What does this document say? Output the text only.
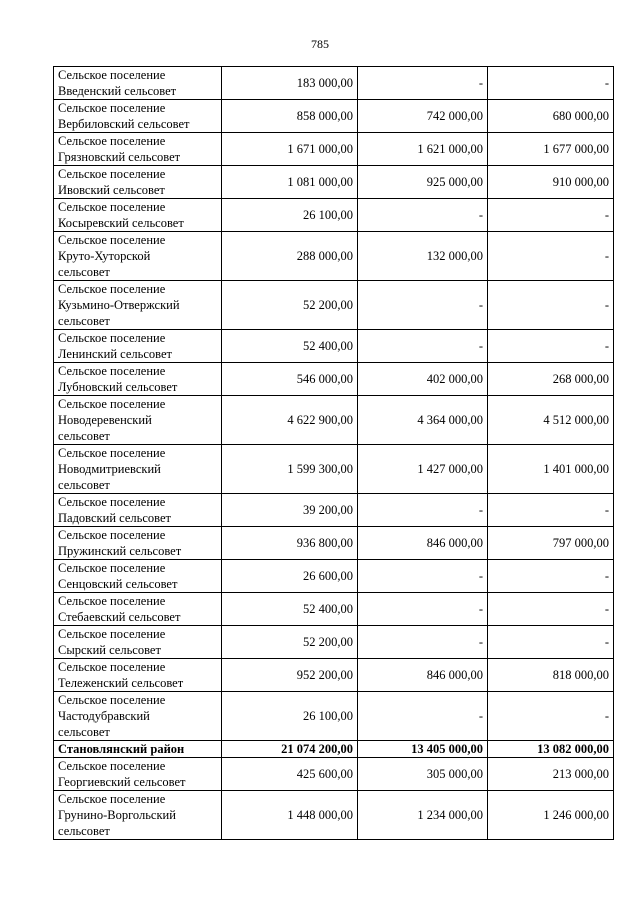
785
Сельское поселение
Введенский сельсовет	183 000,00	-	-
Сельское поселение
Вербиловский сельсовет	858 000,00	742 000,00	680 000,00
Сельское поселение
Грязновский сельсовет	1 671 000,00	1 621 000,00	1 677 000,00
Сельское поселение
Ивовский сельсовет	1 081 000,00	925 000,00	910 000,00
Сельское поселение
Косыревский сельсовет	26 100,00	-	-
Сельское поселение
Круто-Хуторской
сельсовет	288 000,00	132 000,00	-
Сельское поселение
Кузьмино-Отвержский
сельсовет	52 200,00	-	-
Сельское поселение
Ленинский сельсовет	52 400,00	-	-
Сельское поселение
Лубновский сельсовет	546 000,00	402 000,00	268 000,00
Сельское поселение
Новодеревенский
сельсовет	4 622 900,00	4 364 000,00	4 512 000,00
Сельское поселение
Новодмитриевский
сельсовет	1 599 300,00	1 427 000,00	1 401 000,00
Сельское поселение
Падовский сельсовет	39 200,00	-	-
Сельское поселение
Пружинский сельсовет	936 800,00	846 000,00	797 000,00
Сельское поселение
Сенцовский сельсовет	26 600,00	-	-
Сельское поселение
Стебаевский сельсовет	52 400,00	-	-
Сельское поселение
Сырский сельсовет	52 200,00	-	-
Сельское поселение
Тележенский сельсовет	952 200,00	846 000,00	818 000,00
Сельское поселение
Частодубравский
сельсовет	26 100,00	-	-
Становлянский район	21 074 200,00	13 405 000,00	13 082 000,00
Сельское поселение
Георгиевский сельсовет	425 600,00	305 000,00	213 000,00
Сельское поселение
Грунино-Воргольский
сельсовет	1 448 000,00	1 234 000,00	1 246 000,00
